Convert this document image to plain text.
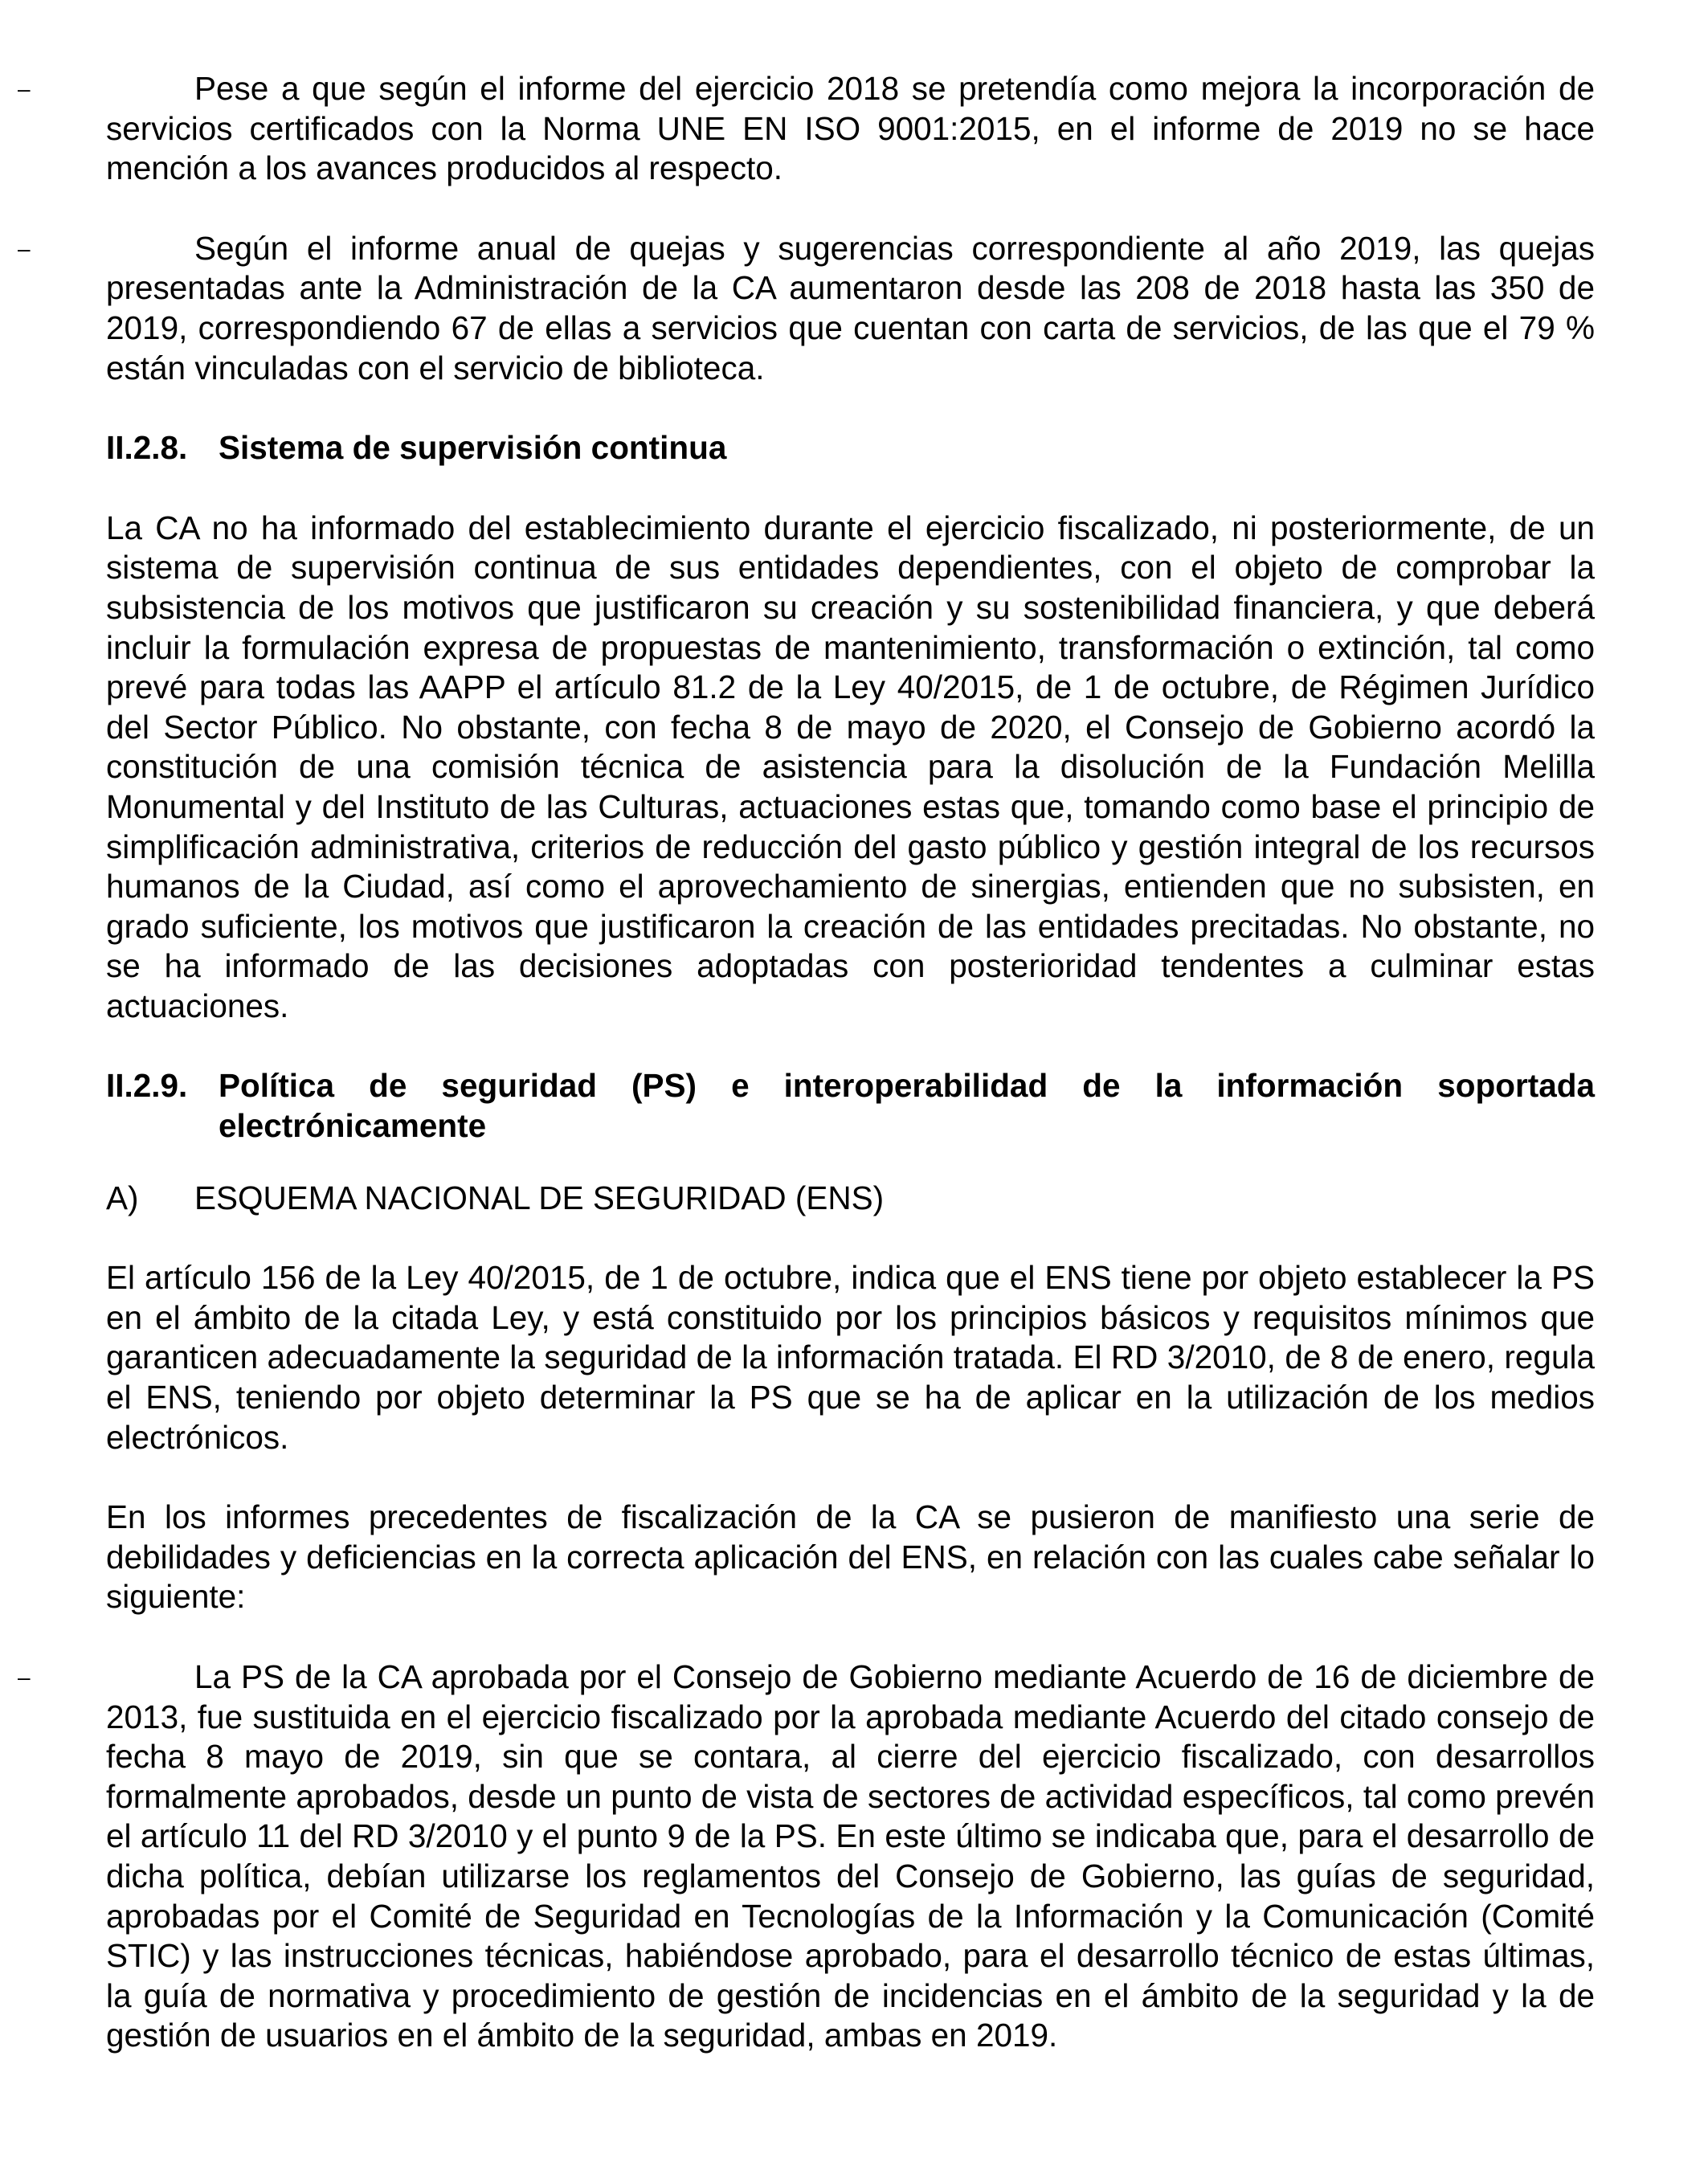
–	Pese a que según el informe del ejercicio 2018 se pretendía como mejora la incorporación de servicios certificados con la Norma UNE EN ISO 9001:2015, en el informe de 2019 no se hace mención a los avances producidos al respecto.

–	Según el informe anual de quejas y sugerencias correspondiente al año 2019, las quejas presentadas ante la Administración de la CA aumentaron desde las 208 de 2018 hasta las 350 de 2019, correspondiendo 67 de ellas a servicios que cuentan con carta de servicios, de las que el 79 % están vinculadas con el servicio de biblioteca.

II.2.8. Sistema de supervisión continua

La CA no ha informado del establecimiento durante el ejercicio fiscalizado, ni posteriormente, de un sistema de supervisión continua de sus entidades dependientes, con el objeto de comprobar la subsistencia de los motivos que justificaron su creación y su sostenibilidad financiera, y que deberá incluir la formulación expresa de propuestas de mantenimiento, transformación o extinción, tal como prevé para todas las AAPP el artículo 81.2 de la Ley 40/2015, de 1 de octubre, de Régimen Jurídico del Sector Público. No obstante, con fecha 8 de mayo de 2020, el Consejo de Gobierno acordó la constitución de una comisión técnica de asistencia para la disolución de la Fundación Melilla Monumental y del Instituto de las Culturas, actuaciones estas que, tomando como base el principio de simplificación administrativa, criterios de reducción del gasto público y gestión integral de los recursos humanos de la Ciudad, así como el aprovechamiento de sinergias, entienden que no subsisten, en grado suficiente, los motivos que justificaron la creación de las entidades precitadas. No obstante, no se ha informado de las decisiones adoptadas con posterioridad tendentes a culminar estas actuaciones.

II.2.9. Política de seguridad (PS) e interoperabilidad de la información soportada electrónicamente
A)	ESQUEMA NACIONAL DE SEGURIDAD (ENS)

El artículo 156 de la Ley 40/2015, de 1 de octubre, indica que el ENS tiene por objeto establecer la PS en el ámbito de la citada Ley, y está constituido por los principios básicos y requisitos mínimos que garanticen adecuadamente la seguridad de la información tratada. El RD 3/2010, de 8 de enero, regula el ENS, teniendo por objeto determinar la PS que se ha de aplicar en la utilización de los medios electrónicos.

En los informes precedentes de fiscalización de la CA se pusieron de manifiesto una serie de debilidades y deficiencias en la correcta aplicación del ENS, en relación con las cuales cabe señalar lo siguiente:

–	La PS de la CA aprobada por el Consejo de Gobierno mediante Acuerdo de 16 de diciembre de 2013, fue sustituida en el ejercicio fiscalizado por la aprobada mediante Acuerdo del citado consejo de fecha 8 mayo de 2019, sin que se contara, al cierre del ejercicio fiscalizado, con desarrollos formalmente aprobados, desde un punto de vista de sectores de actividad específicos, tal como prevén el artículo 11 del RD 3/2010 y el punto 9 de la PS. En este último se indicaba que, para el desarrollo de dicha política, debían utilizarse los reglamentos del Consejo de Gobierno, las guías de seguridad, aprobadas por el Comité de Seguridad en Tecnologías de la Información y la Comunicación (Comité STIC) y las instrucciones técnicas, habiéndose aprobado, para el desarrollo técnico de estas últimas, la guía de normativa y procedimiento de gestión de incidencias en el ámbito de la seguridad y la de gestión de usuarios en el ámbito de la seguridad, ambas en 2019.
